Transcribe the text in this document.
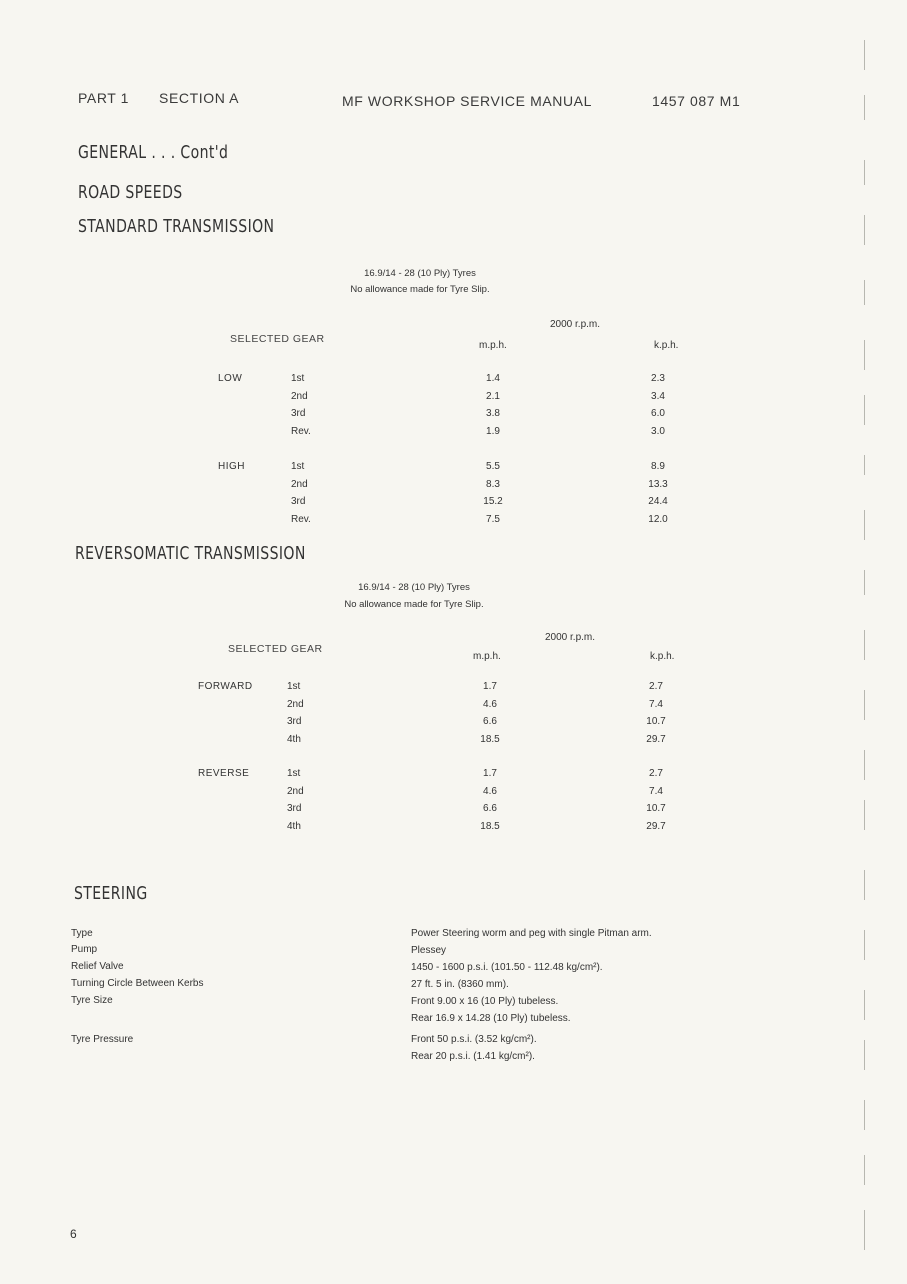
PART 1 SECTION A	MF WORKSHOP SERVICE MANUAL	1457 087 M1
GENERAL . . . Cont'd
ROAD SPEEDS
STANDARD TRANSMISSION
16.9/14 - 28 (10 Ply) Tyres
No allowance made for Tyre Slip.
SELECTED GEAR
2000 r.p.m.
m.p.h.	k.p.h.
LOW	1st	1.4	2.3
2nd	2.1	3.4
3rd	3.8	6.0
Rev.	1.9	3.0
HIGH	1st	5.5	8.9
2nd	8.3	13.3
3rd	15.2	24.4
Rev.	7.5	12.0
REVERSOMATIC TRANSMISSION
16.9/14 - 28 (10 Ply) Tyres
No allowance made for Tyre Slip.
SELECTED GEAR
2000 r.p.m.
m.p.h.	k.p.h.
FORWARD	1st	1.7	2.7
2nd	4.6	7.4
3rd	6.6	10.7
4th	18.5	29.7
REVERSE	1st	1.7	2.7
2nd	4.6	7.4
3rd	6.6	10.7
4th	18.5	29.7
STEERING
Type	Power Steering worm and peg with single Pitman arm.
Pump	Plessey
Relief Valve	1450 - 1600 p.s.i. (101.50 - 112.48 kg/cm²).
Turning Circle Between Kerbs	27 ft. 5 in. (8360 mm).
Tyre Size	Front 9.00 x 16 (10 Ply) tubeless.
Rear 16.9 x 14.28 (10 Ply) tubeless.
Tyre Pressure	Front 50 p.s.i. (3.52 kg/cm²).
Rear 20 p.s.i. (1.41 kg/cm²).
6
